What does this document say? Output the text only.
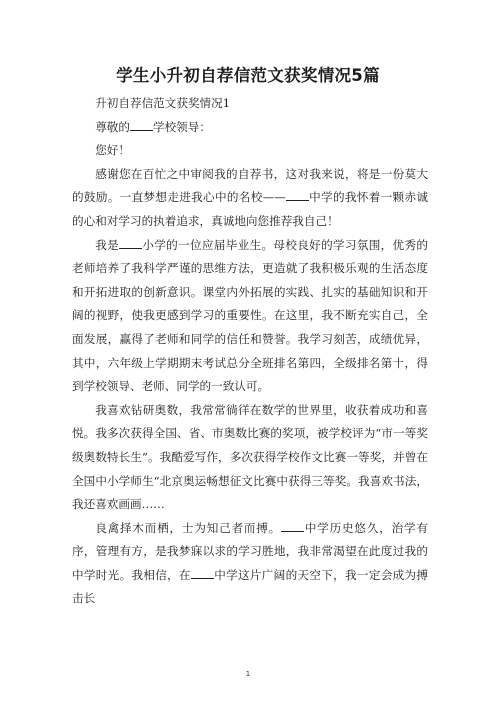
学生小升初自荐信范文获奖情况5篇

升初自荐信范文获奖情况1

尊敬的 学校领导：

您好！

感谢您在百忙之中审阅我的自荐书，这对我来说，将是一份莫大的鼓励。一直梦想走进我心中的名校—— 中学的我怀着一颗赤诚的心和对学习的执着追求，真诚地向您推荐我自己！

我是 小学的一位应届毕业生。母校良好的学习氛围，优秀的老师培养了我科学严谨的思维方法，更造就了我积极乐观的生活态度和开拓进取的创新意识。课堂内外拓展的实践、扎实的基础知识和开阔的视野，使我更感到学习的重要性。在这里，我不断充实自己，全面发展，赢得了老师和同学的信任和赞誉。我学习刻苦，成绩优异，其中，六年级上学期期末考试总分全班排名第四，全级排名第十，得到学校领导、老师、同学的一致认可。

我喜欢钻研奥数，我常常徜徉在数学的世界里，收获着成功和喜悦。我多次获得全国、省、市奥数比赛的奖项，被学校评为“市一等奖级奥数特长生”。我酷爱写作，多次获得学校作文比赛一等奖，并曾在全国中小学师生“北京奥运畅想征文比赛中获得三等奖。我喜欢书法，我还喜欢画画……

良禽择木而栖，士为知己者而搏。 中学历史悠久，治学有序，管理有方，是我梦寐以求的学习胜地，我非常渴望在此度过我的中学时光。我相信，在 中学这片广阔的天空下，我一定会成为搏击长

1
